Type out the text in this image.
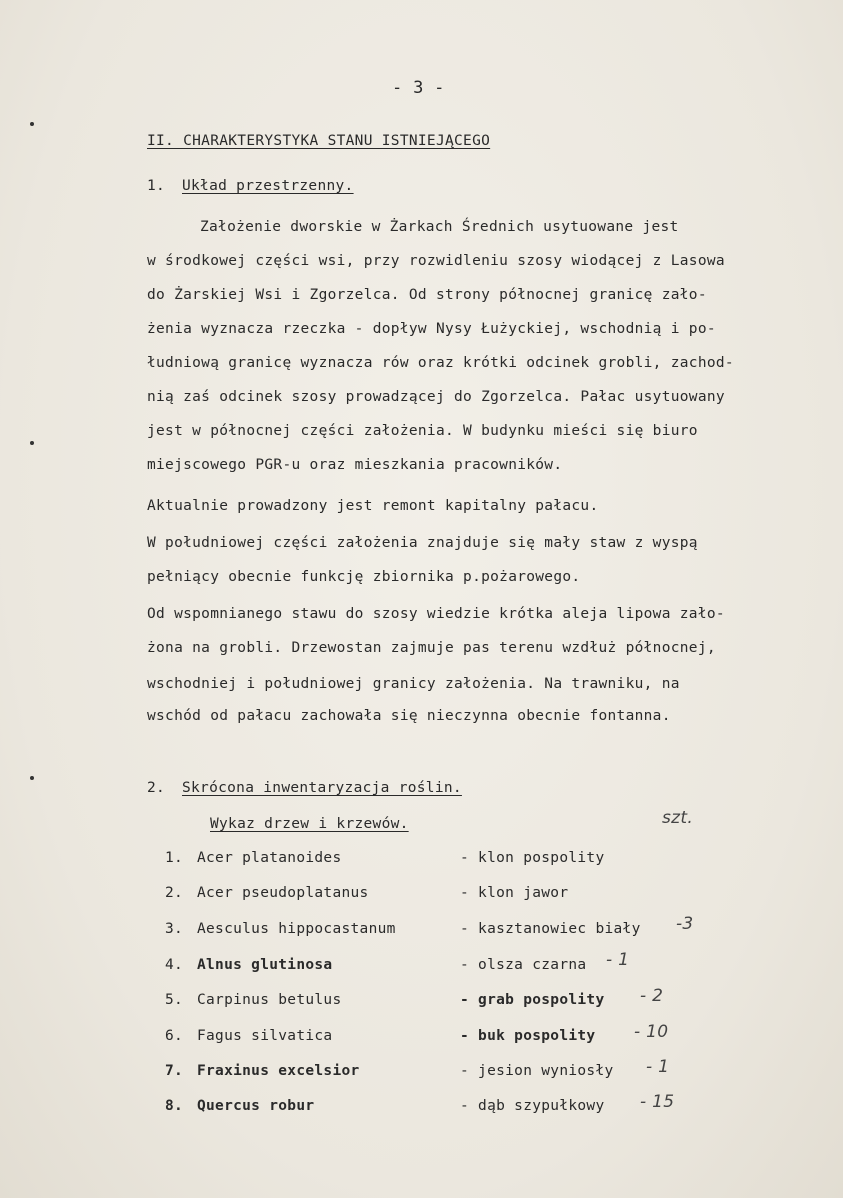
- 3 -
II. CHARAKTERYSTYKA STANU ISTNIEJĄCEGO
1. Układ przestrzenny.
Założenie dworskie w Żarkach Średnich usytuowane jest
w środkowej części wsi, przy rozwidleniu szosy wiodącej z Lasowa
do Żarskiej Wsi i Zgorzelca. Od strony północnej granicę zało-
żenia wyznacza rzeczka - dopływ Nysy Łużyckiej, wschodnią i po-
łudniową granicę wyznacza rów oraz krótki odcinek grobli, zachod-
nią zaś odcinek szosy prowadzącej do Zgorzelca. Pałac usytuowany
jest w północnej części założenia. W budynku mieści się biuro
miejscowego PGR-u oraz mieszkania pracowników.
Aktualnie prowadzony jest remont kapitalny pałacu.
W południowej części założenia znajduje się mały staw z wyspą
pełniący obecnie funkcję zbiornika p.pożarowego.
Od wspomnianego stawu do szosy wiedzie krótka aleja lipowa zało-
żona na grobli. Drzewostan zajmuje pas terenu wzdłuż północnej,
wschodniej i południowej granicy założenia. Na trawniku, na
wschód od pałacu zachowała się nieczynna obecnie fontanna.
2. Skrócona inwentaryzacja roślin.
Wykaz drzew i krzewów.	szt.
1. Acer platanoides	- klon pospolity
2. Acer pseudoplatanus	- klon jawor
3. Aesculus hippocastanum	- kasztanowiec biały -3
4. Alnus glutinosa	- olsza czarna - 1
5. Carpinus betulus	- grab pospolity - 2
6. Fagus silvatica	- buk pospolity - 10
7. Fraxinus excelsior	- jesion wyniosły - 1
8. Quercus robur	- dąb szypułkowy - 15
